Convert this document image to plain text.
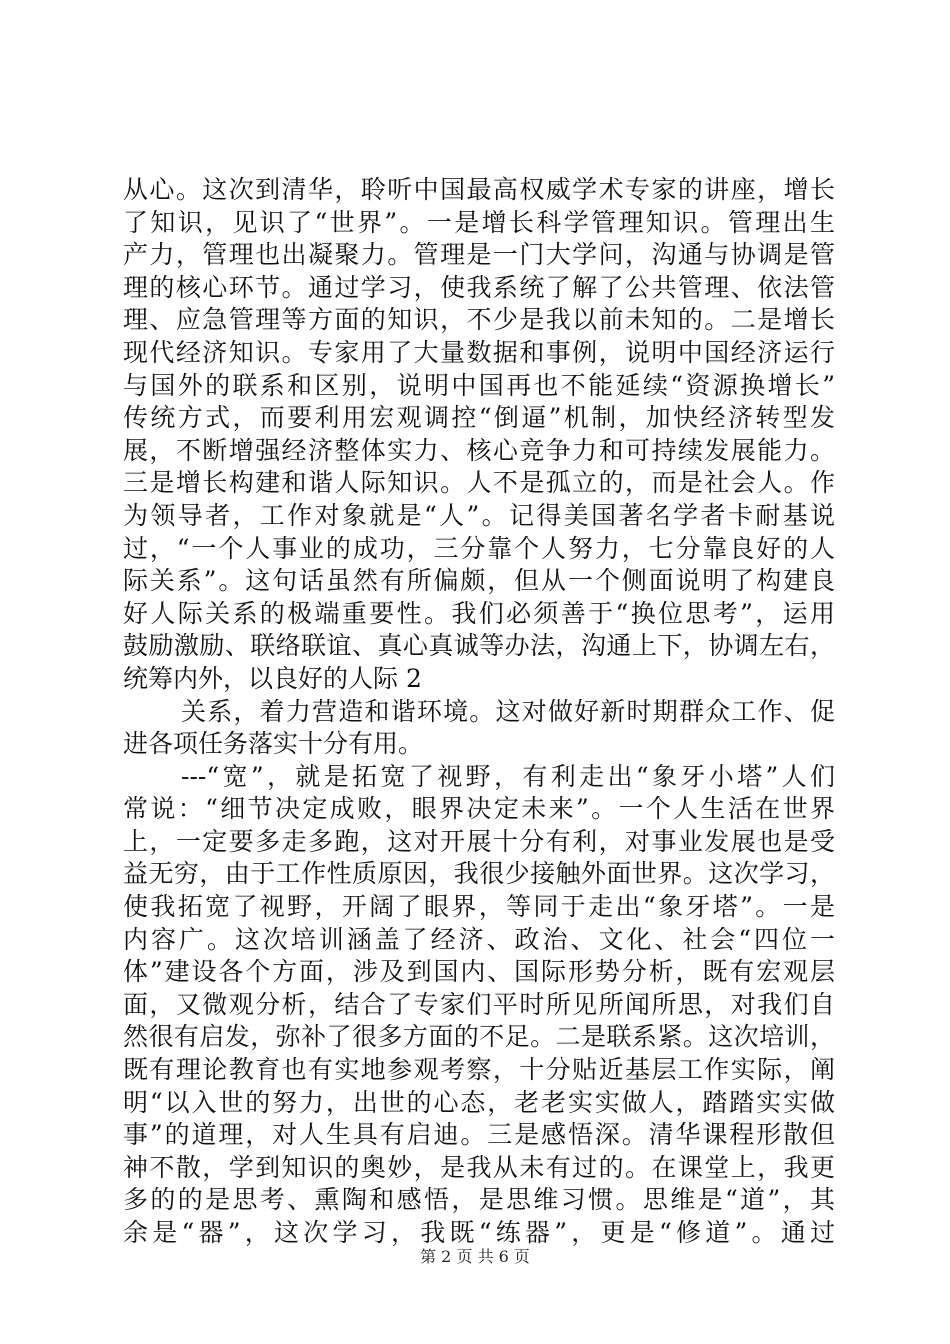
从心。这次到清华，聆听中国最高权威学术专家的讲座，增长
了知识，见识了“世界”。一是增长科学管理知识。管理出生
产力，管理也出凝聚力。管理是一门大学问，沟通与协调是管
理的核心环节。通过学习，使我系统了解了公共管理、依法管
理、应急管理等方面的知识，不少是我以前未知的。二是增长
现代经济知识。专家用了大量数据和事例，说明中国经济运行
与国外的联系和区别，说明中国再也不能延续“资源换增长”
传统方式，而要利用宏观调控“倒逼”机制，加快经济转型发
展，不断增强经济整体实力、核心竞争力和可持续发展能力。
三是增长构建和谐人际知识。人不是孤立的，而是社会人。作
为领导者，工作对象就是“人”。记得美国著名学者卡耐基说
过，“一个人事业的成功，三分靠个人努力，七分靠良好的人
际关系”。这句话虽然有所偏颇，但从一个侧面说明了构建良
好人际关系的极端重要性。我们必须善于“换位思考”，运用
鼓励激励、联络联谊、真心真诚等办法，沟通上下，协调左右，
统筹内外，以良好的人际 2
关系，着力营造和谐环境。这对做好新时期群众工作、促
进各项任务落实十分有用。
---“宽”，就是拓宽了视野，有利走出“象牙小塔”人们
常说：“细节决定成败，眼界决定未来”。一个人生活在世界
上，一定要多走多跑，这对开展十分有利，对事业发展也是受
益无穷，由于工作性质原因，我很少接触外面世界。这次学习，
使我拓宽了视野，开阔了眼界，等同于走出“象牙塔”。一是
内容广。这次培训涵盖了经济、政治、文化、社会“四位一
体”建设各个方面，涉及到国内、国际形势分析，既有宏观层
面，又微观分析，结合了专家们平时所见所闻所思，对我们自
然很有启发，弥补了很多方面的不足。二是联系紧。这次培训，
既有理论教育也有实地参观考察，十分贴近基层工作实际，阐
明“以入世的努力，出世的心态，老老实实做人，踏踏实实做
事”的道理，对人生具有启迪。三是感悟深。清华课程形散但
神不散，学到知识的奥妙，是我从未有过的。在课堂上，我更
多的的是思考、熏陶和感悟，是思维习惯。思维是“道”，其
余是“器”，这次学习，我既“练器”，更是“修道”。通过
第 2 页 共 6 页
